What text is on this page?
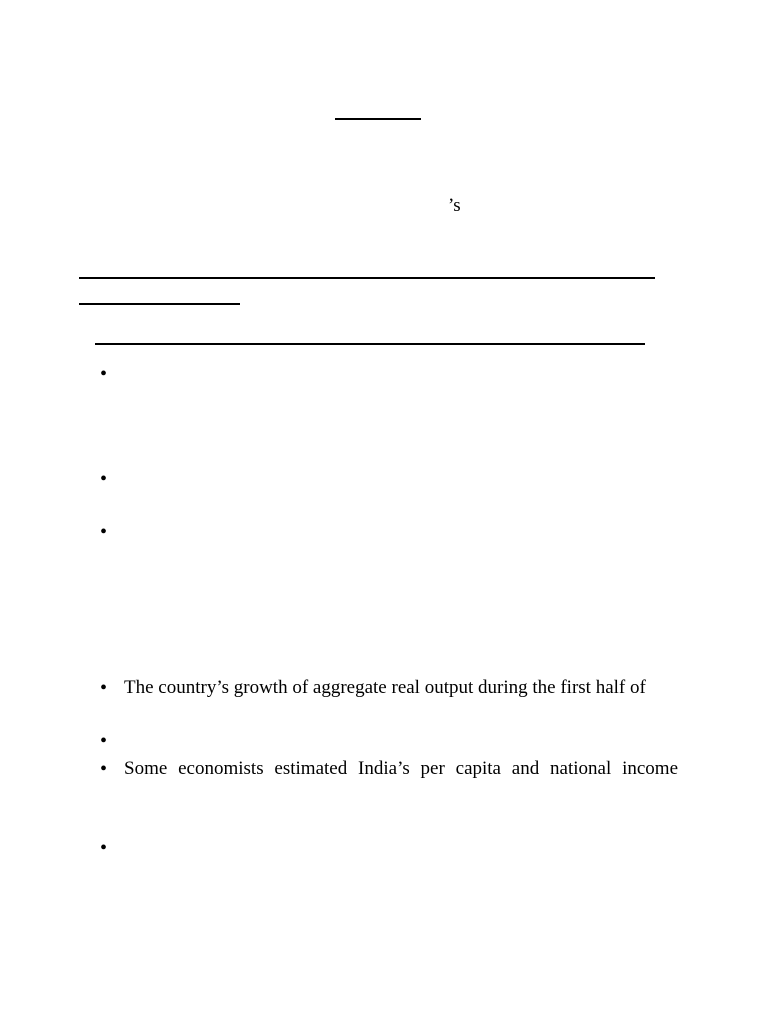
’s
•
•
•
• The country’s growth of aggregate real output during the first half of
•
• Some economists estimated India’s per capita and national income
•
